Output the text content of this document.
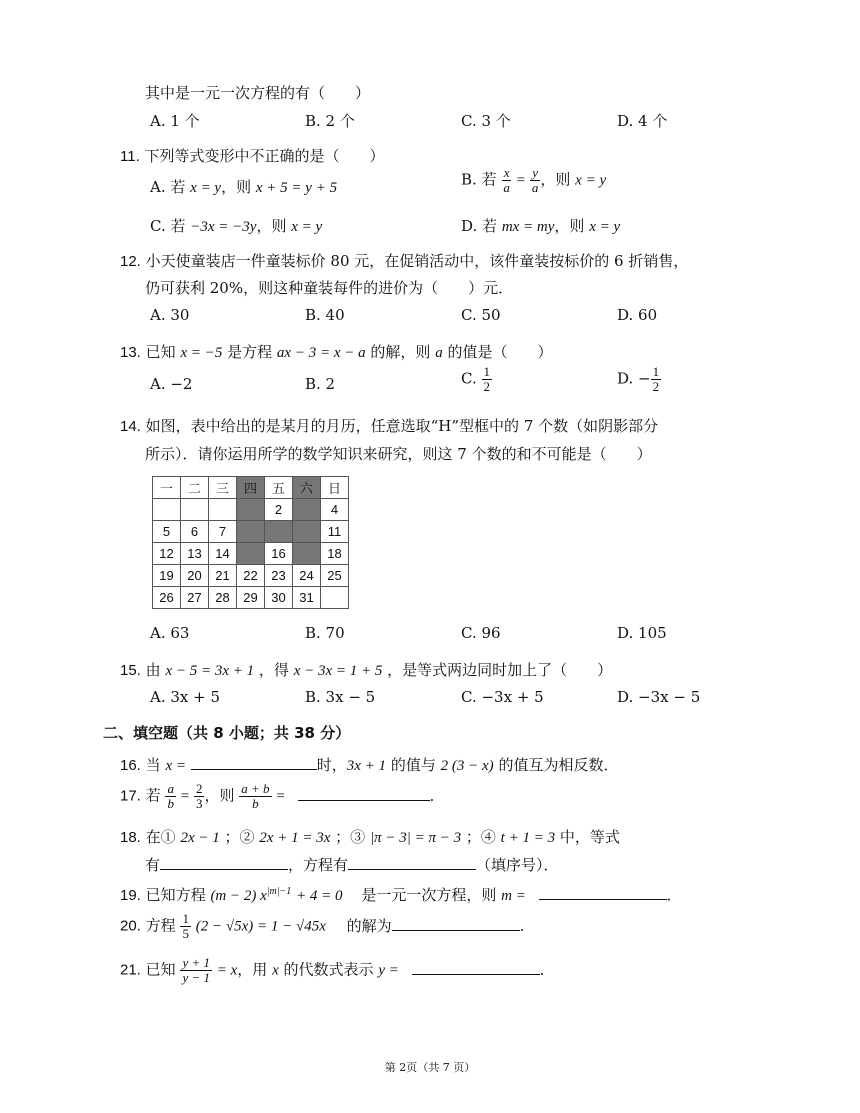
其中是一元一次方程的有（　　）
A. 1 个	B. 2 个	C. 3 个	D. 4 个
11. 下列等式变形中不正确的是（　　）
A. 若 x = y，则 x + 5 = y + 5	B. 若 $\frac{x}{a} = \frac{y}{a}$ ，则 x = y
C. 若 −3x = −3y，则 x = y	D. 若 mx = my，则 x = y
12. 小天使童装店一件童装标价 80 元，在促销活动中，该件童装按标价的 6 折销售，
仍可获利 20%，则这种童装每件的进价为（　　）元．
A. 30	B. 40	C. 50	D. 60
13. 已知 x = −5 是方程 ax − 3 = x − a 的解，则 a 的值是（　　）
A. −2	B. 2	C. $\frac{1}{2}$	D. − $\frac{1}{2}$
14. 如图，表中给出的是某月的月历，任意选取“H”型框中的 7 个数（如阴影部分
所示）．请你运用所学的数学知识来研究，则这 7 个数的和不可能是（　　）
一	二	三	四	五	六	日
				2		4
5	6	7				11
12	13	14		16		18
19	20	21	22	23	24	25
26	27	28	29	30	31	
A. 63	B. 70	C. 96	D. 105
15. 由 x − 5 = 3x + 1 ，得 x − 3x = 1 + 5 ，是等式两边同时加上了（　　）
A. 3x + 5	B. 3x − 5	C. −3x + 5	D. −3x − 5
二、填空题（共 8 小题；共 38 分）
16. 当 x =	时，3x + 1 的值与 2 (3 − x) 的值互为相反数．
17. 若 $\frac{a}{b} = \frac{2}{3}$ ，则 $\frac{a + b}{b}$ =	．
18. 在① 2x − 1 ；② 2x + 1 = 3x ；③ |π − 3| = π − 3 ；④ t + 1 = 3 中，等式
有	，方程有	（填序号）．
19. 已知方程 (m − 2) $x^{|m|-1} + 4 = 0$ 是一元一次方程，则 m =	．
20. 方程 $\frac{1}{5} (2 - √5x) = 1 - √45x$ 的解为	．
21. 已知 $\frac{y + 1}{y - 1} = x$，用 x 的代数式表示 y =	．
第 2页（共 7 页）
